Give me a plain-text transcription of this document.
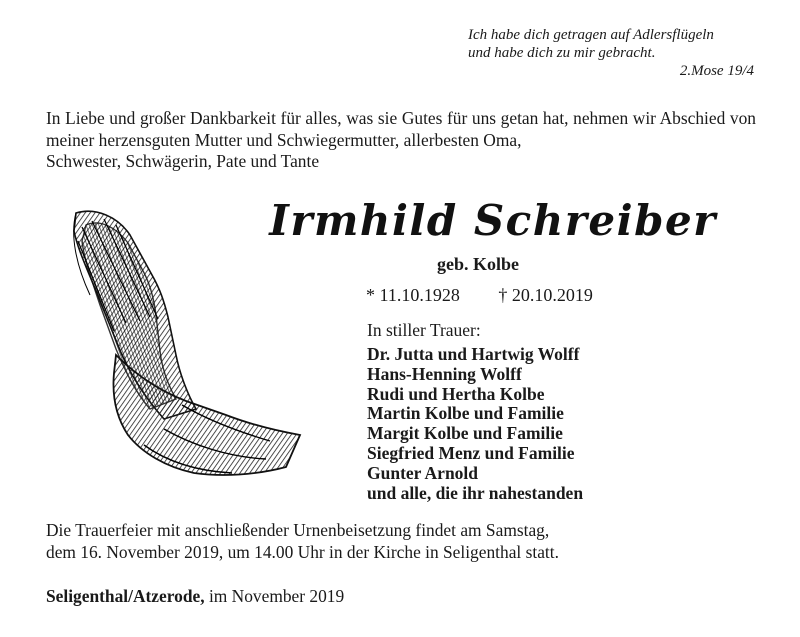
Ich habe dich getragen auf Adlersflügeln
und habe dich zu mir gebracht.
2.Mose 19/4
In Liebe und großer Dankbarkeit für alles, was sie Gutes für uns getan hat, nehmen wir Abschied von meiner herzensguten Mutter und Schwiegermutter, allerbesten Oma,
Schwester, Schwägerin, Pate und Tante
Irmhild Schreiber
geb. Kolbe
* 11.10.1928 † 20.10.2019
In stiller Trauer:
Dr. Jutta und Hartwig Wolff
Hans-Henning Wolff
Rudi und Hertha Kolbe
Martin Kolbe und Familie
Margit Kolbe und Familie
Siegfried Menz und Familie
Gunter Arnold
und alle, die ihr nahestanden
Die Trauerfeier mit anschließender Urnenbeisetzung findet am Samstag,
dem 16. November 2019, um 14.00 Uhr in der Kirche in Seligenthal statt.
Seligenthal/Atzerode, im November 2019
